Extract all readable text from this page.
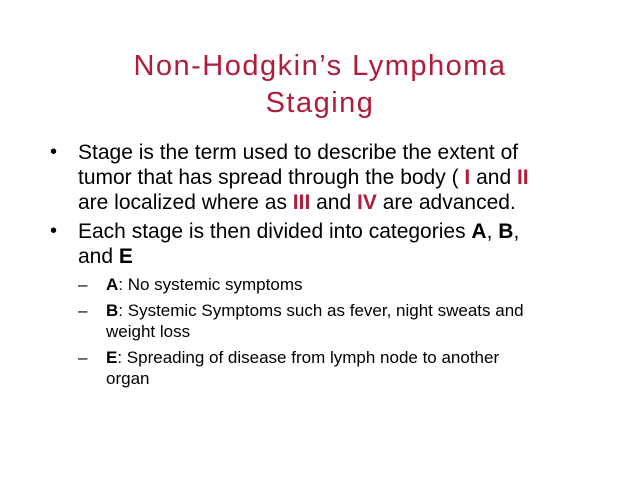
Non-Hodgkin’s Lymphoma
Staging
• Stage is the term used to describe the extent of tumor that has spread through the body ( I and II are localized where as III and IV are advanced.
• Each stage is then divided into categories A, B, and E
– A: No systemic symptoms
– B: Systemic Symptoms such as fever, night sweats and weight loss
– E: Spreading of disease from lymph node to another organ
